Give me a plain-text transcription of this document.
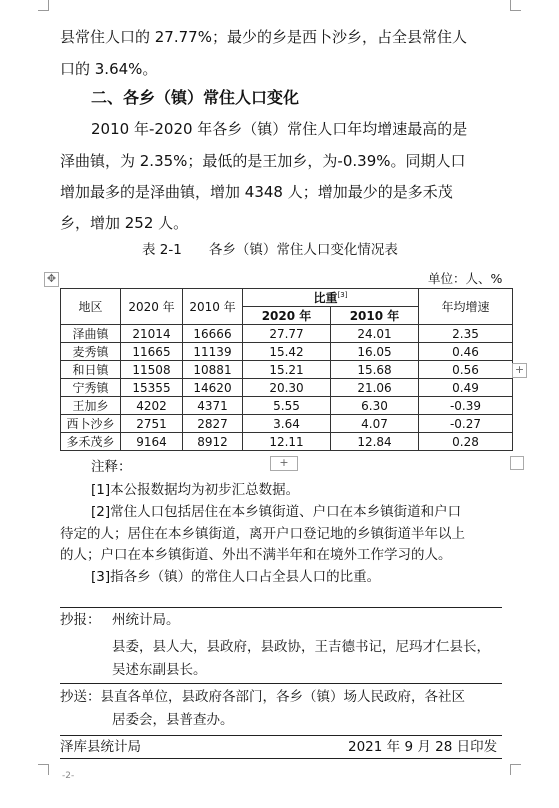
县常住人口的 27.77%；最少的乡是西卜沙乡，占全县常住人
口的 3.64%。
二、各乡（镇）常住人口变化
2010 年-2020 年各乡（镇）常住人口年均增速最高的是
泽曲镇，为 2.35%；最低的是王加乡，为-0.39%。同期人口
增加最多的是泽曲镇，增加 4348 人；增加最少的是多禾茂
乡，增加 252 人。
表 2-1　　各乡（镇）常住人口变化情况表
✥	单位：人、%
地区	2020 年	2010 年	比重[3]		年均增速
			2020 年	2010 年	
泽曲镇	21014	16666	27.77	24.01	2.35
麦秀镇	11665	11139	15.42	16.05	0.46
和日镇	11508	10881	15.21	15.68	0.56
宁秀镇	15355	14620	20.30	21.06	0.49
王加乡	4202	4371	5.55	6.30	-0.39
西卜沙乡	2751	2827	3.64	4.07	-0.27
多禾茂乡	9164	8912	12.11	12.84	0.28
+
+
注释：
[1]本公报数据均为初步汇总数据。
[2]常住人口包括居住在本乡镇街道、户口在本乡镇街道和户口
待定的人；居住在本乡镇街道，离开户口登记地的乡镇街道半年以上
的人；户口在本乡镇街道、外出不满半年和在境外工作学习的人。
[3]指各乡（镇）的常住人口占全县人口的比重。
抄报： 州统计局。
县委，县人大，县政府，县政协，王吉德书记，尼玛才仁县长，
吴述东副县长。
抄送：县直各单位，县政府各部门，各乡（镇）场人民政府，各社区
居委会，县普查办。
泽库县统计局	2021 年 9 月 28 日印发
-2-
